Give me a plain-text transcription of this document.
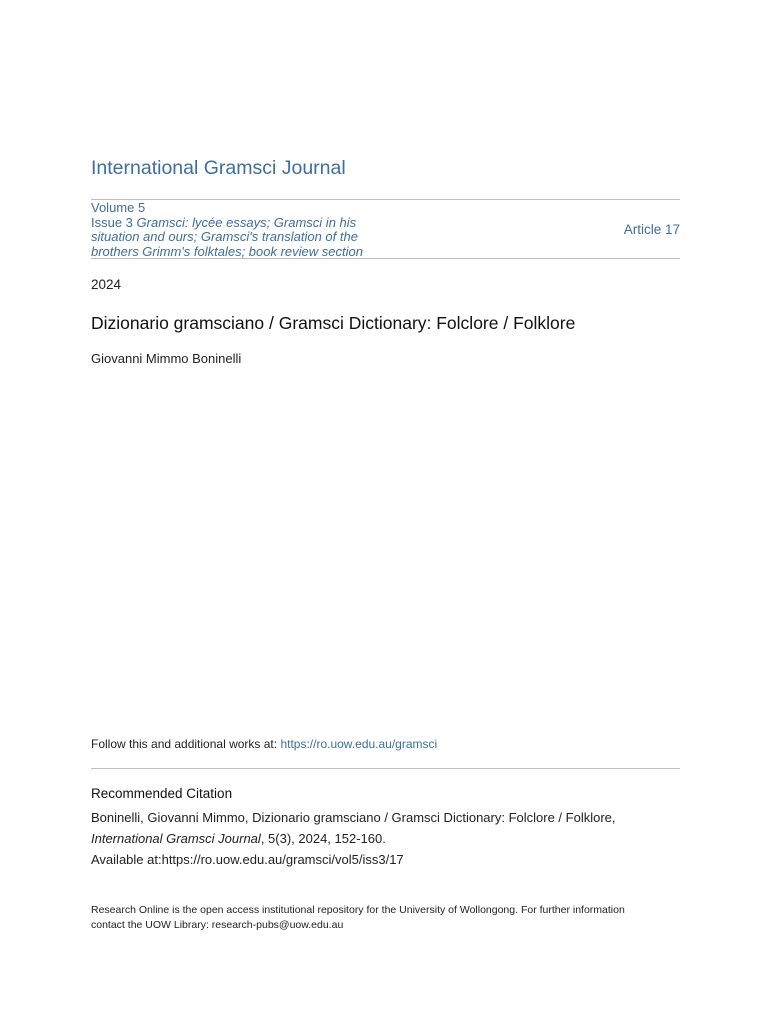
International Gramsci Journal
Volume 5
Issue 3 Gramsci: lycée essays; Gramsci in his
situation and ours; Gramsci's translation of the
brothers Grimm's folktales; book review section
Article 17
2024
Dizionario gramsciano / Gramsci Dictionary: Folclore / Folklore
Giovanni Mimmo Boninelli
Follow this and additional works at: https://ro.uow.edu.au/gramsci
Recommended Citation
Boninelli, Giovanni Mimmo, Dizionario gramsciano / Gramsci Dictionary: Folclore / Folklore,
International Gramsci Journal, 5(3), 2024, 152-160.
Available at:https://ro.uow.edu.au/gramsci/vol5/iss3/17
Research Online is the open access institutional repository for the University of Wollongong. For further information
contact the UOW Library: research-pubs@uow.edu.au
